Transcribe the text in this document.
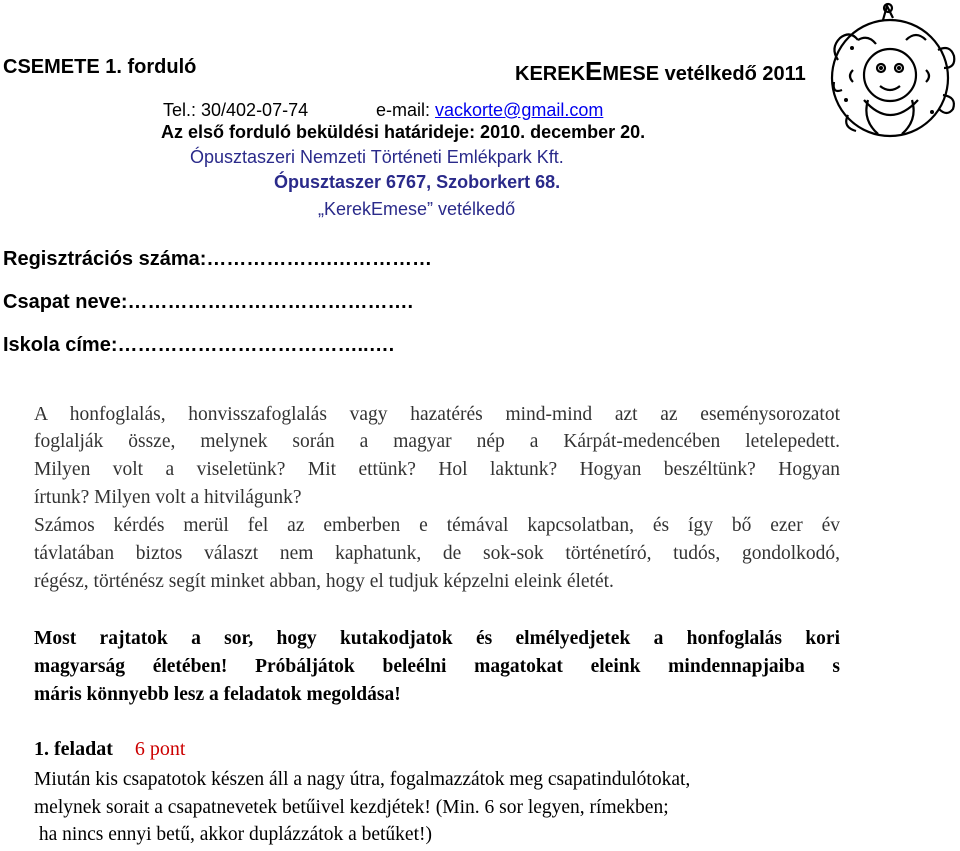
CSEMETE 1. forduló	KEREKEMESE vetélkedő 2011
Tel.: 30/402-07-74	e-mail: vackorte@gmail.com
Az első forduló beküldési határideje: 2010. december 20.
Ópusztaszeri Nemzeti Történeti Emlékpark Kft.
Ópusztaszer 6767, Szoborkert 68.
„KerekEmese” vetélkedő
Regisztrációs száma:……………….……………
Csapat neve:…………………………………….
Iskola címe:………………………………..….
A honfoglalás, honvisszafoglalás vagy hazatérés mind-mind azt az eseménysorozatot
foglalják össze, melynek során a magyar nép a Kárpát-medencében letelepedett.
Milyen volt a viseletünk? Mit ettünk? Hol laktunk? Hogyan beszéltünk? Hogyan
írtunk? Milyen volt a hitvilágunk?
Számos kérdés merül fel az emberben e témával kapcsolatban, és így bő ezer év
távlatában biztos választ nem kaphatunk, de sok-sok történetíró, tudós, gondolkodó,
régész, történész segít minket abban, hogy el tudjuk képzelni eleink életét.
Most rajtatok a sor, hogy kutakodjatok és elmélyedjetek a honfoglalás kori
magyarság életében! Próbáljátok beleélni magatokat eleink mindennapjaiba s
máris könnyebb lesz a feladatok megoldása!
1. feladat 6 pont
Miután kis csapatotok készen áll a nagy útra, fogalmazzátok meg csapatindulótokat,
melynek sorait a csapatnevetek betűivel kezdjétek! (Min. 6 sor legyen, rímekben;
ha nincs ennyi betű, akkor duplázzátok a betűket!)
